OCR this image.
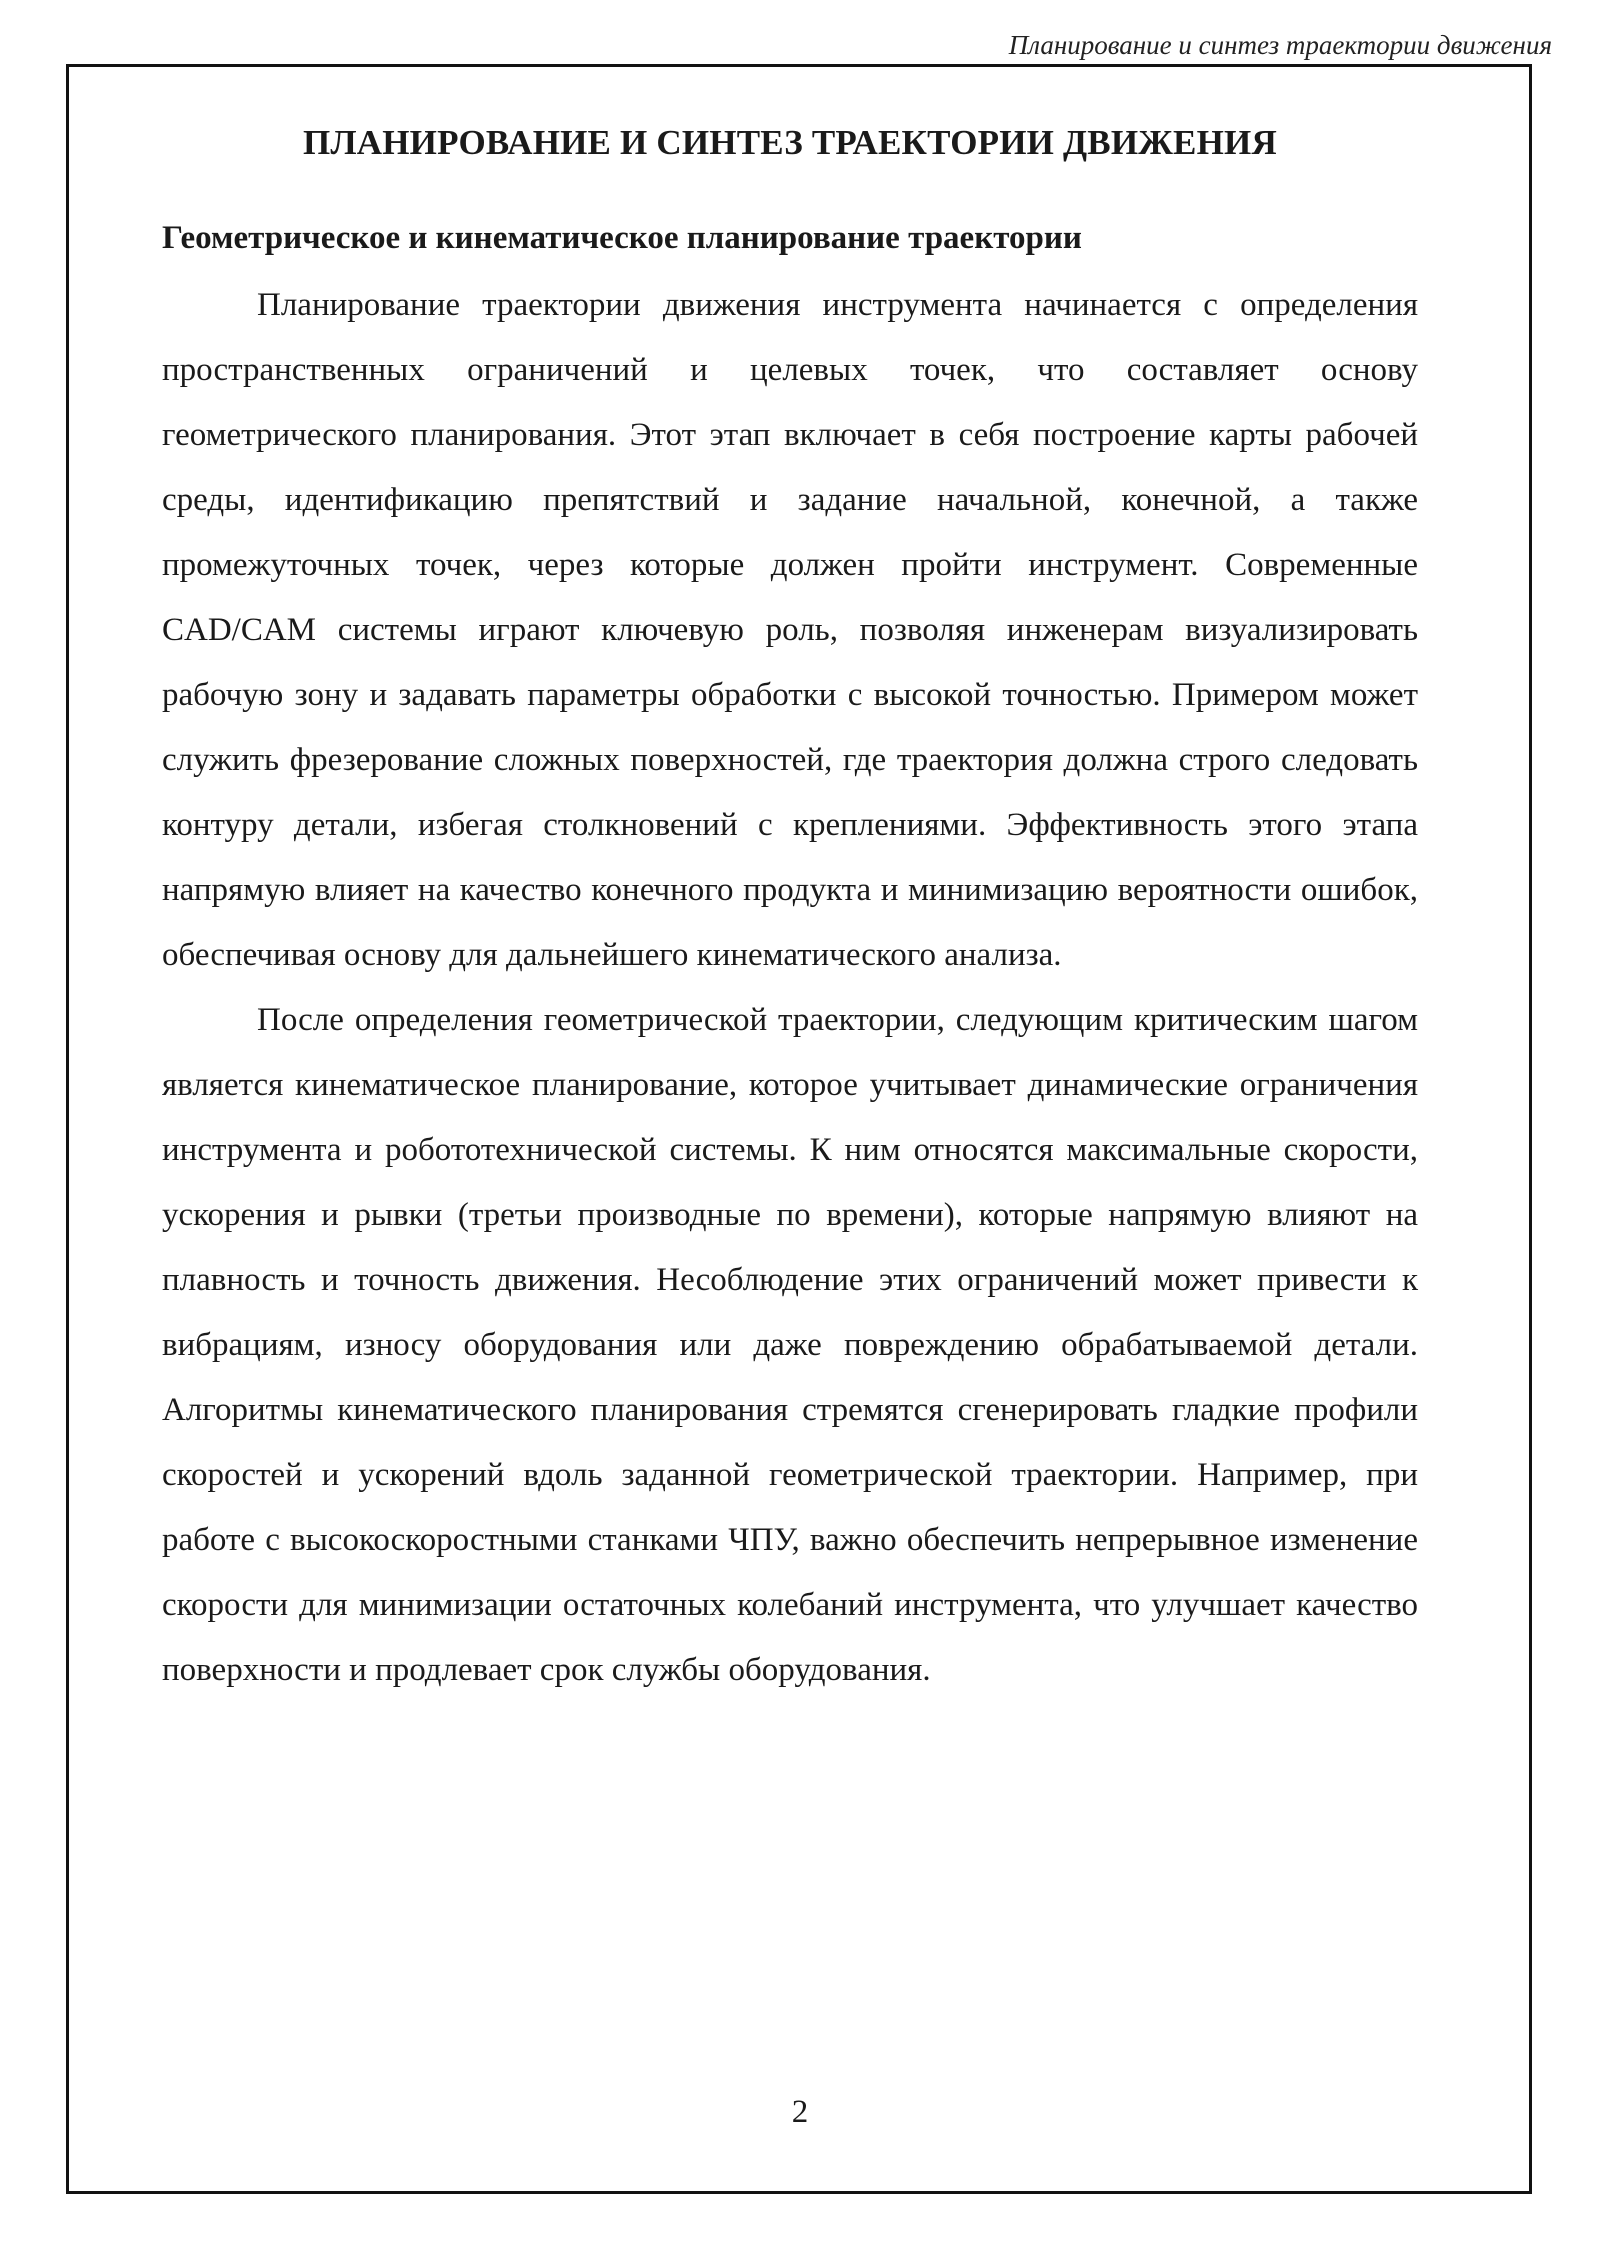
Планирование и синтез траектории движения
ПЛАНИРОВАНИЕ И СИНТЕЗ ТРАЕКТОРИИ ДВИЖЕНИЯ
Геометрическое и кинематическое планирование траектории

Планирование траектории движения инструмента начинается с определения пространственных ограничений и целевых точек, что составляет основу геометрического планирования. Этот этап включает в себя построение карты рабочей среды, идентификацию препятствий и задание начальной, конечной, а также промежуточных точек, через которые должен пройти инструмент. Современные CAD/CAM системы играют ключевую роль, позволяя инженерам визуализировать рабочую зону и задавать параметры обработки с высокой точностью. Примером может служить фрезерование сложных поверхностей, где траектория должна строго следовать контуру детали, избегая столкновений с креплениями. Эффективность этого этапа напрямую влияет на качество конечного продукта и минимизацию вероятности ошибок, обеспечивая основу для дальнейшего кинематического анализа.

После определения геометрической траектории, следующим критическим шагом является кинематическое планирование, которое учитывает динамические ограничения инструмента и робототехнической системы. К ним относятся максимальные скорости, ускорения и рывки (третьи производные по времени), которые напрямую влияют на плавность и точность движения. Несоблюдение этих ограничений может привести к вибрациям, износу оборудования или даже повреждению обрабатываемой детали. Алгоритмы кинематического планирования стремятся сгенерировать гладкие профили скоростей и ускорений вдоль заданной геометрической траектории. Например, при работе с высокоскоростными станками ЧПУ, важно обеспечить непрерывное изменение скорости для минимизации остаточных колебаний инструмента, что улучшает качество поверхности и продлевает срок службы оборудования.

2
